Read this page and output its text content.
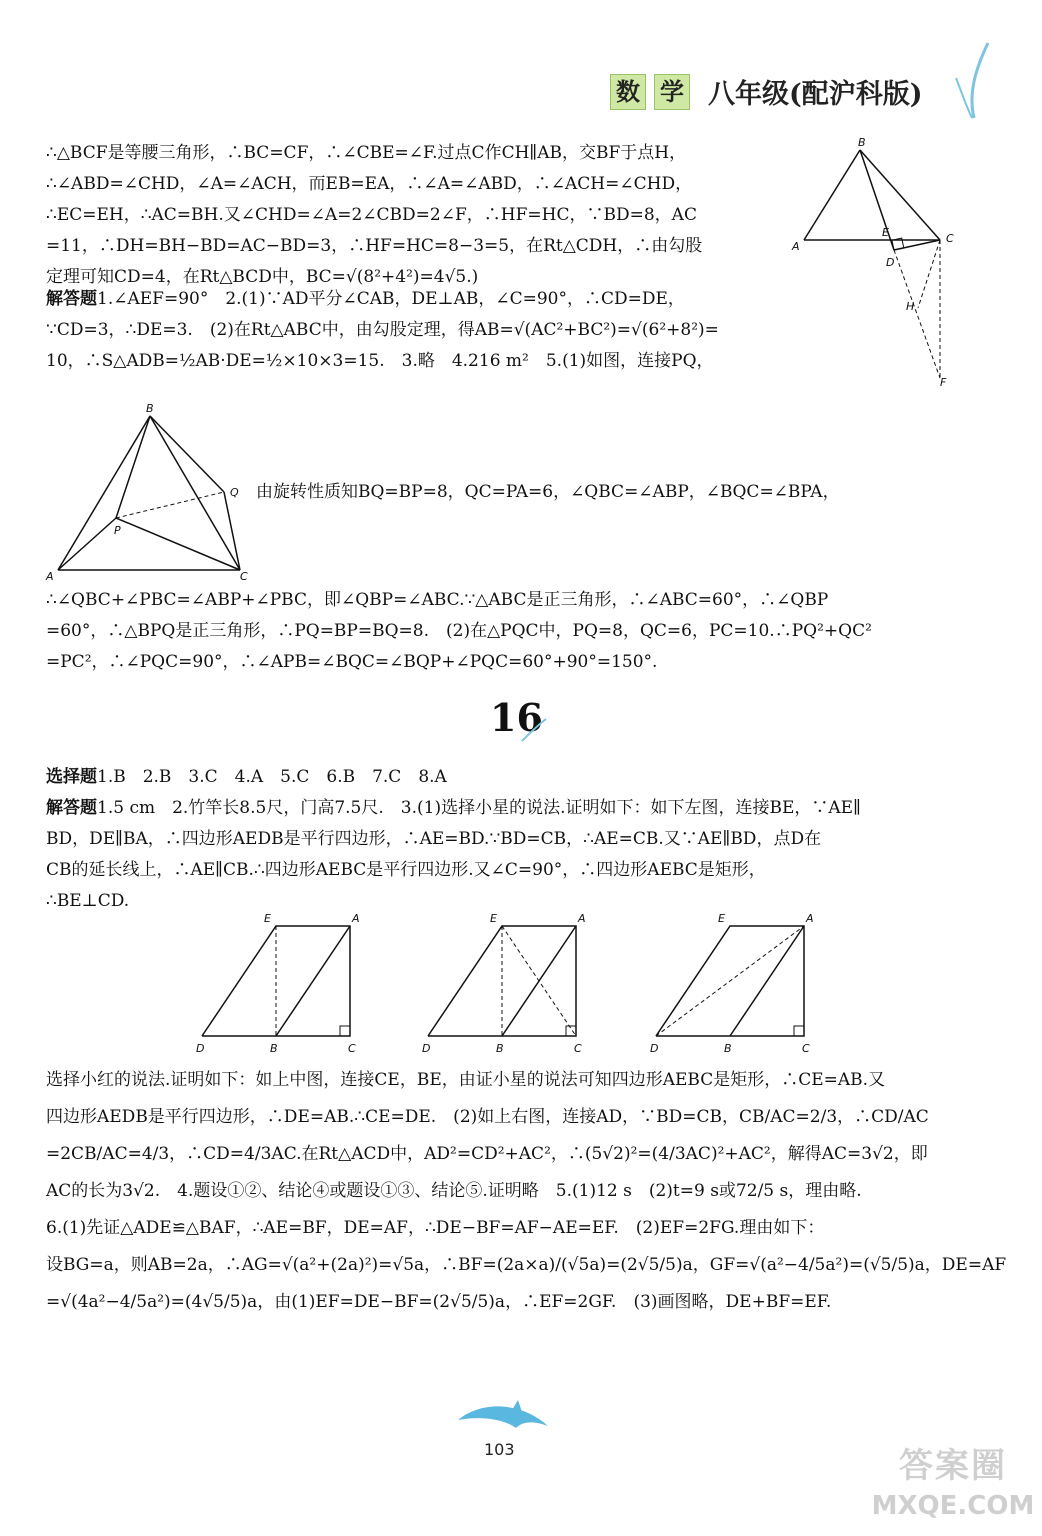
数 学 八年级(配沪科版)
∴△BCF是等腰三角形，∴BC=CF，∴∠CBE=∠F.过点C作CH∥AB，交BF于点H，
∴∠ABD=∠CHD，∠A=∠ACH，而EB=EA，∴∠A=∠ABD，∴∠ACH=∠CHD，
∴EC=EH，∴AC=BH.又∠CHD=∠A=2∠CBD=2∠F，∴HF=HC，∵BD=8，AC
=11，∴DH=BH−BD=AC−BD=3，∴HF=HC=8−3=5，在Rt△CDH，∴由勾股
定理可知CD=4，在Rt△BCD中，BC=√(8²+4²)=4√5.)
B
A
E	C
D
H
F
解答题1.∠AEF=90°　2.(1)∵AD平分∠CAB，DE⊥AB，∠C=90°，∴CD=DE，
∵CD=3，∴DE=3.　(2)在Rt△ABC中，由勾股定理，得AB=√(AC²+BC²)=√(6²+8²)=
10，∴S△ADB=½AB·DE=½×10×3=15.　3.略　4.216 m²　5.(1)如图，连接PQ，
B
Q
P
A	C
由旋转性质知BQ=BP=8，QC=PA=6，∠QBC=∠ABP，∠BQC=∠BPA，
∴∠QBC+∠PBC=∠ABP+∠PBC，即∠QBP=∠ABC.∵△ABC是正三角形，∴∠ABC=60°，∴∠QBP
=60°，∴△BPQ是正三角形，∴PQ=BP=BQ=8.　(2)在△PQC中，PQ=8，QC=6，PC=10.∴PQ²+QC²
=PC²，∴∠PQC=90°，∴∠APB=∠BQC=∠BQP+∠PQC=60°+90°=150°.
16
选择题1.B　2.B　3.C　4.A　5.C　6.B　7.C　8.A
解答题1.5 cm　2.竹竿长8.5尺，门高7.5尺.　3.(1)选择小星的说法.证明如下：如下左图，连接BE，∵AE∥
BD，DE∥BA，∴四边形AEDB是平行四边形，∴AE=BD.∵BD=CB，∴AE=CB.又∵AE∥BD，点D在
CB的延长线上，∴AE∥CB.∴四边形AEBC是平行四边形.又∠C=90°，∴四边形AEBC是矩形，
∴BE⊥CD.
E	A
D	B	C
E	A
D	B	C
E	A
D	B	C
选择小红的说法.证明如下：如上中图，连接CE，BE，由证小星的说法可知四边形AEBC是矩形，∴CE=AB.又
四边形AEDB是平行四边形，∴DE=AB.∴CE=DE.　(2)如上右图，连接AD，∵BD=CB，CB/AC=2/3，∴CD/AC
=2CB/AC=4/3，∴CD=4/3AC.在Rt△ACD中，AD²=CD²+AC²，∴(5√2)²=(4/3AC)²+AC²，解得AC=3√2，即
AC的长为3√2.　4.题设①②、结论④或题设①③、结论⑤.证明略　5.(1)12 s　(2)t=9 s或72/5 s，理由略.
6.(1)先证△ADE≌△BAF，∴AE=BF，DE=AF，∴DE−BF=AF−AE=EF.　(2)EF=2FG.理由如下：
设BG=a，则AB=2a，∴AG=√(a²+(2a)²)=√5a，∴BF=(2a×a)/(√5a)=(2√5/5)a，GF=√(a²−4/5a²)=(√5/5)a，DE=AF
=√(4a²−4/5a²)=(4√5/5)a，由(1)EF=DE−BF=(2√5/5)a，∴EF=2GF.　(3)画图略，DE+BF=EF.
103	答案圈
MXQE.COM
